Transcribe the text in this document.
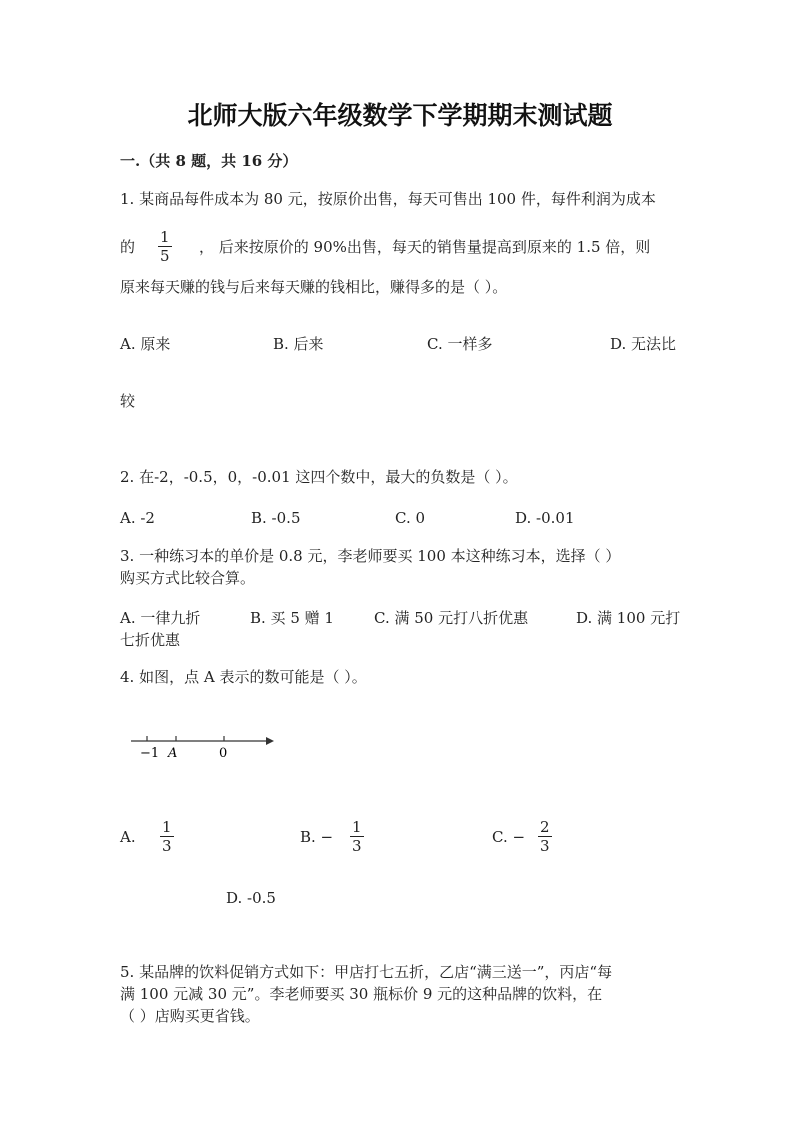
北师大版六年级数学下学期期末测试题
一.（共 8 题，共 16 分）
1. 某商品每件成本为 80 元，按原价出售，每天可售出 100 件，每件利润为成本
的 $\frac{1}{5}$ ， 后来按原价的 90%出售，每天的销售量提高到原来的 1.5 倍，则
原来每天赚的钱与后来每天赚的钱相比，赚得多的是（ ）。
A. 原来	B. 后来	C. 一样多	D. 无法比
较
2. 在-2，-0.5，0，-0.01 这四个数中，最大的负数是（ ）。
A. -2	B. -0.5	C. 0	D. -0.01
3. 一种练习本的单价是 0.8 元，李老师要买 100 本这种练习本，选择（ ）
购买方式比较合算。
A. 一律九折	B. 买 5 赠 1	C. 满 50 元打八折优惠	D. 满 100 元打
七折优惠
4. 如图，点 A 表示的数可能是（ ）。
−1 A	0
A. $\frac{1}{3}$	B. − $\frac{1}{3}$	C. − $\frac{2}{3}$
D. -0.5
5. 某品牌的饮料促销方式如下：甲店打七五折，乙店“满三送一”，丙店“每
满 100 元减 30 元”。李老师要买 30 瓶标价 9 元的这种品牌的饮料，在
（ ）店购买更省钱。
